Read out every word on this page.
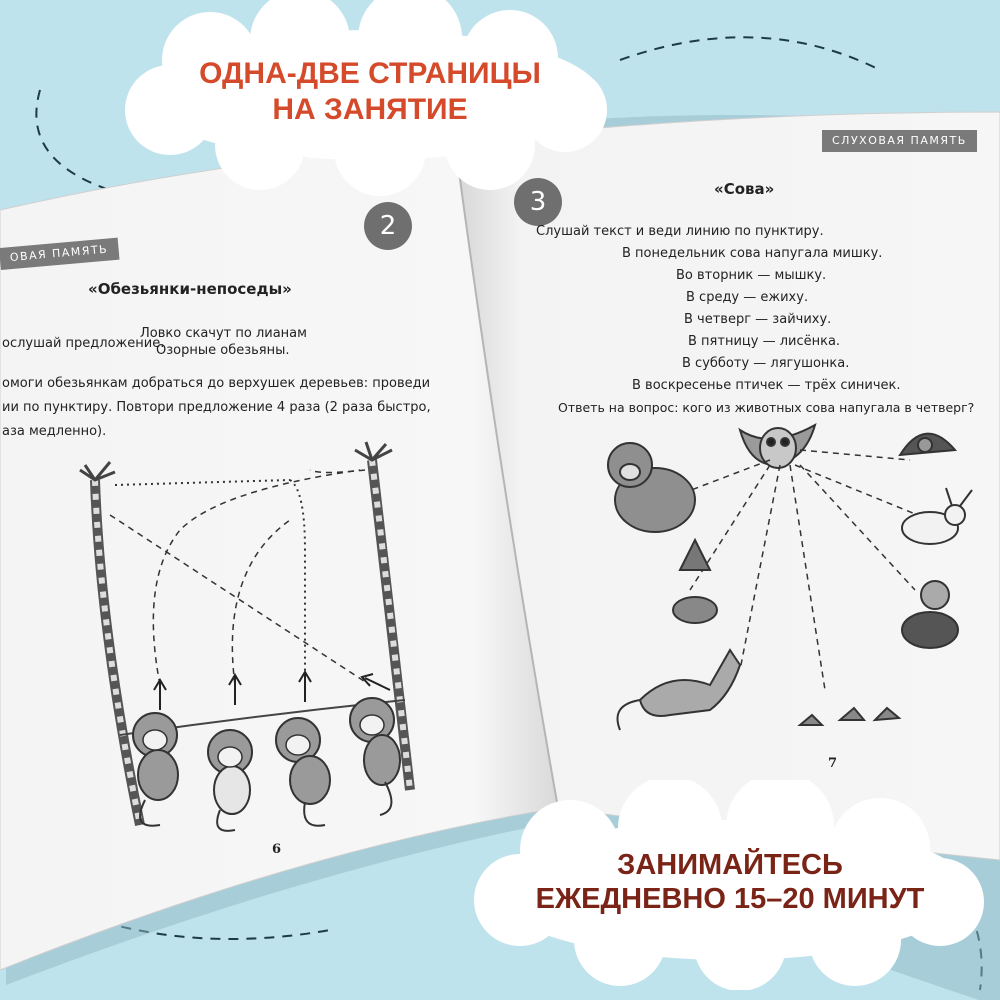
ОВАЯ ПАМЯТЬ
2
«Обезьянки-непоседы»
ослушай предложение.
Ловко скачут по лианам
Озорные обезьяны.
омоги обезьянкам добраться до верхушек деревьев: проведи
ии по пунктиру. Повтори предложение 4 раза (2 раза быстро,
аза медленно).
6
СЛУХОВАЯ ПАМЯТЬ
3	«Сова»
Слушай текст и веди линию по пунктиру.
В понедельник сова напугала мишку.
Во вторник — мышку.
В среду — ежиху.
В четверг — зайчиху.
В пятницу — лисёнка.
В субботу — лягушонка.
В воскресенье птичек — трёх синичек.
Ответь на вопрос: кого из животных сова напугала в четверг?
7
ОДНА-ДВЕ СТРАНИЦЫ
НА ЗАНЯТИЕ
ЗАНИМАЙТЕСЬ
ЕЖЕДНЕВНО 15–20 МИНУТ
